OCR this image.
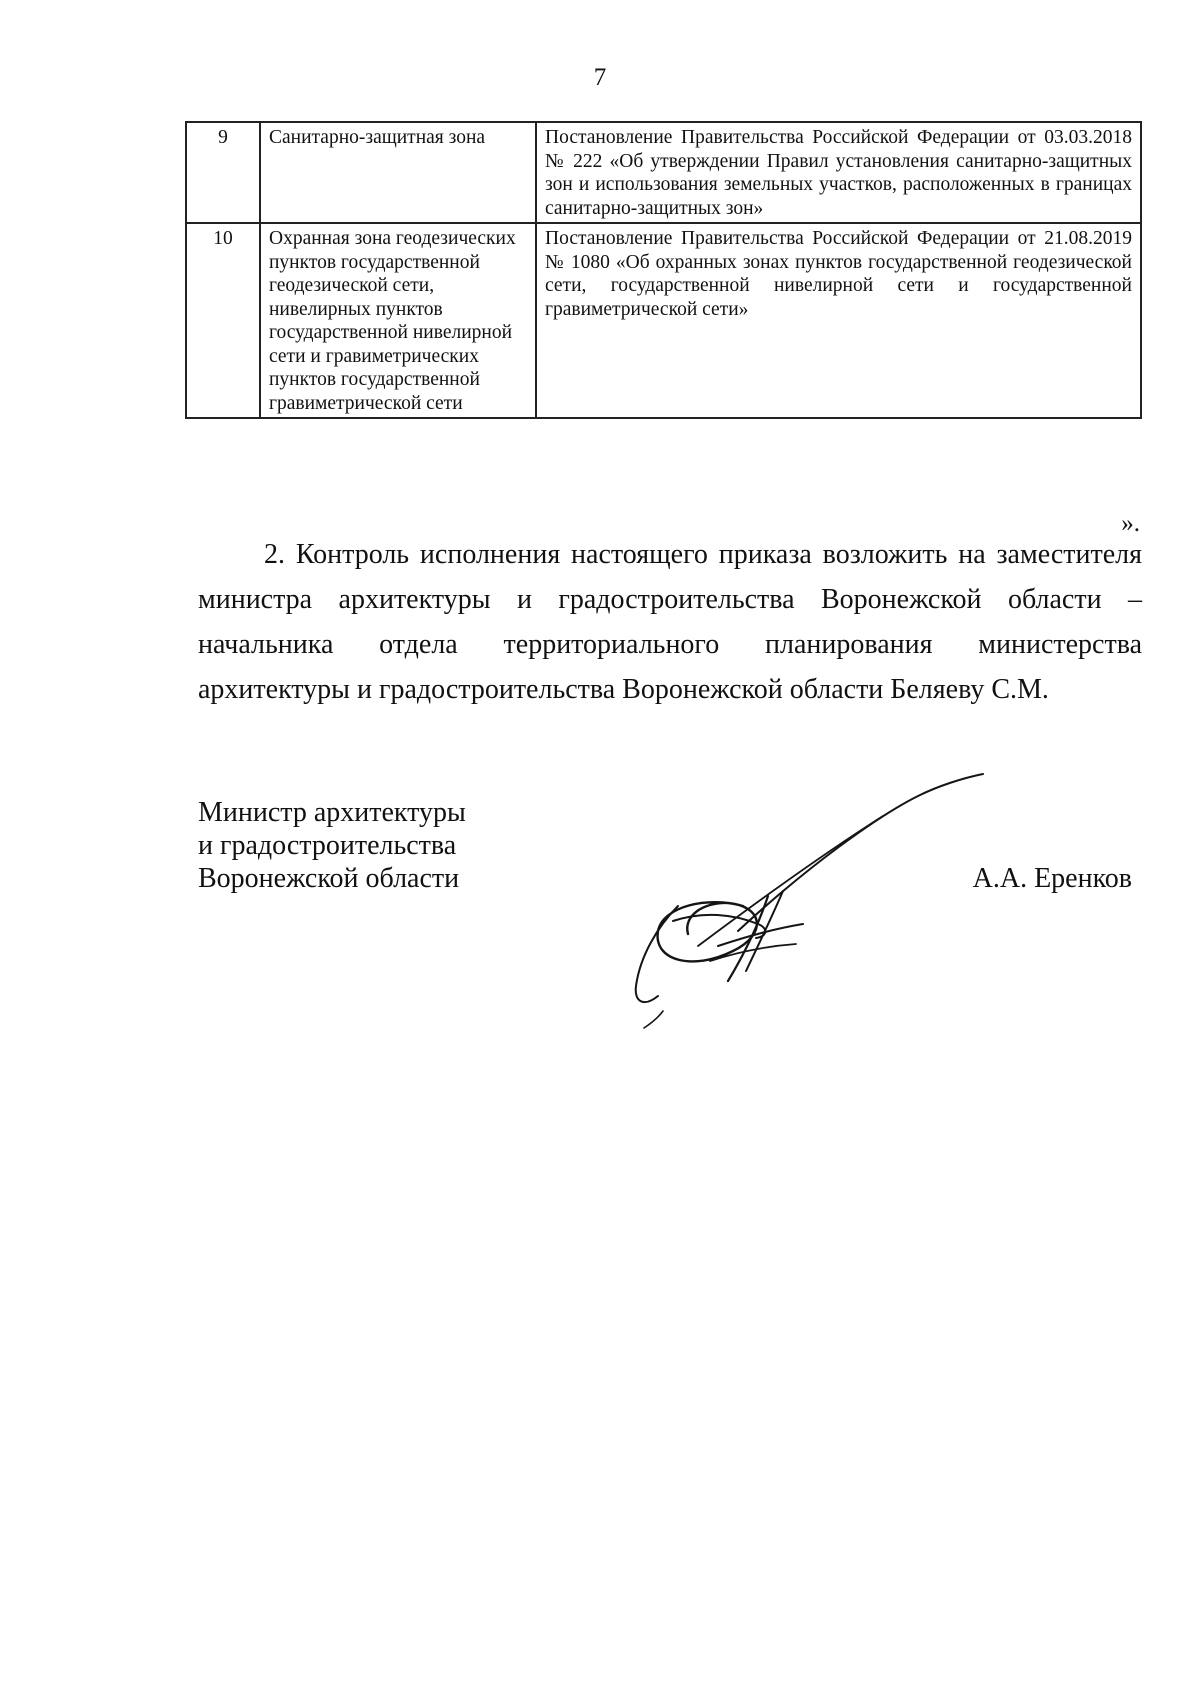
7
9	Санитарно-защитная зона	Постановление Правительства Российской Федерации от 03.03.2018 № 222 «Об утверждении Правил установления санитарно-защитных зон и использования земельных участков, расположенных в границах санитарно-защитных зон»
10	Охранная зона геодезических пунктов государственной геодезической сети, нивелирных пунктов государственной нивелирной сети и гравиметрических пунктов государственной гравиметрической сети	Постановление Правительства Российской Федерации от 21.08.2019 № 1080 «Об охранных зонах пунктов государственной геодезической сети, государственной нивелирной сети и государственной гравиметрической сети»
».

2. Контроль исполнения настоящего приказа возложить на заместителя министра архитектуры и градостроительства Воронежской области – начальника отдела территориального планирования министерства архитектуры и градостроительства Воронежской области Беляеву С.М.

Министр архитектуры
и градостроительства
Воронежской области	А.А. Еренков
